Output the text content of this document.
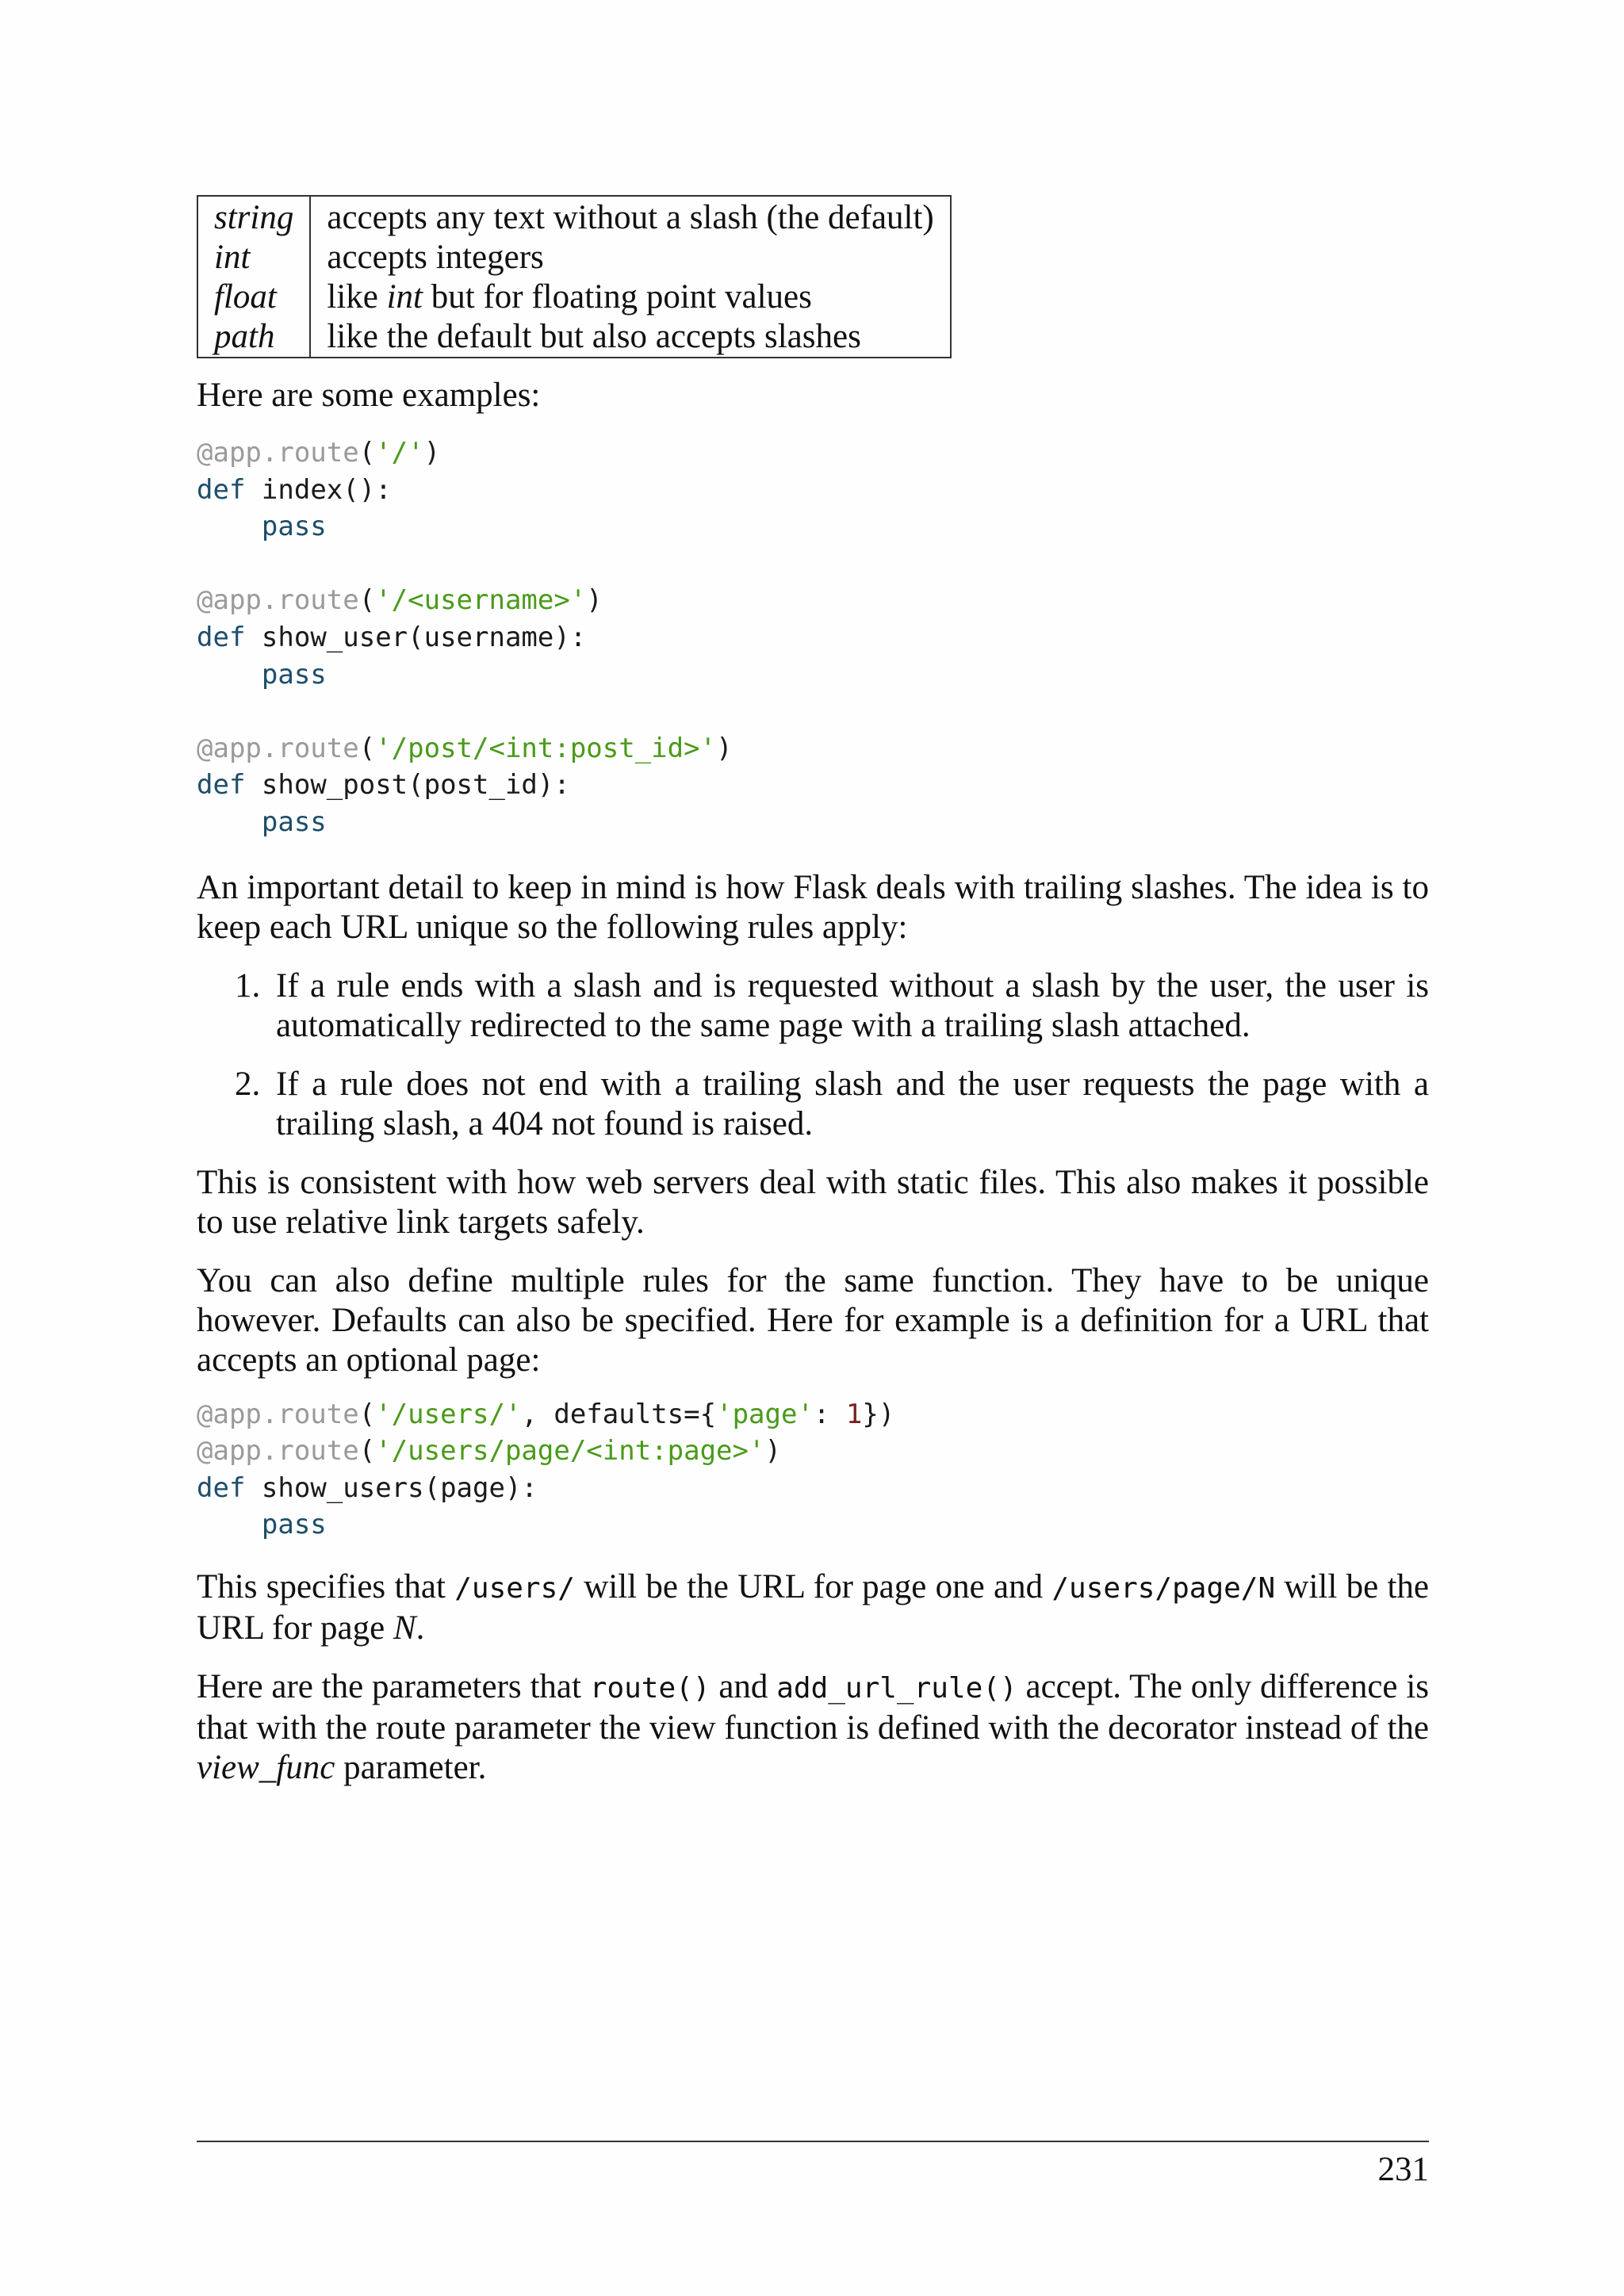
string	accepts any text without a slash (the default)
int	accepts integers
float	like int but for floating point values
path	like the default but also accepts slashes

Here are some examples:

@app.route('/')
def index():
pass

@app.route('/<username>')
def show_user(username):
pass

@app.route('/post/<int:post_id>')
def show_post(post_id):
pass

An important detail to keep in mind is how Flask deals with trailing slashes. The idea is to keep each URL unique so the following rules apply:

1. If a rule ends with a slash and is requested without a slash by the user, the user is automatically redirected to the same page with a trailing slash attached.
2. If a rule does not end with a trailing slash and the user requests the page with a trailing slash, a 404 not found is raised.

This is consistent with how web servers deal with static files. This also makes it possible to use relative link targets safely.

You can also define multiple rules for the same function. They have to be unique however. Defaults can also be specified. Here for example is a definition for a URL that accepts an optional page:

@app.route('/users/', defaults={'page': 1})
@app.route('/users/page/<int:page>')
def show_users(page):
pass

This specifies that /users/ will be the URL for page one and /users/page/N will be the URL for page N.

Here are the parameters that route() and add_url_rule() accept. The only difference is that with the route parameter the view function is defined with the decorator instead of the view_func parameter.

231
